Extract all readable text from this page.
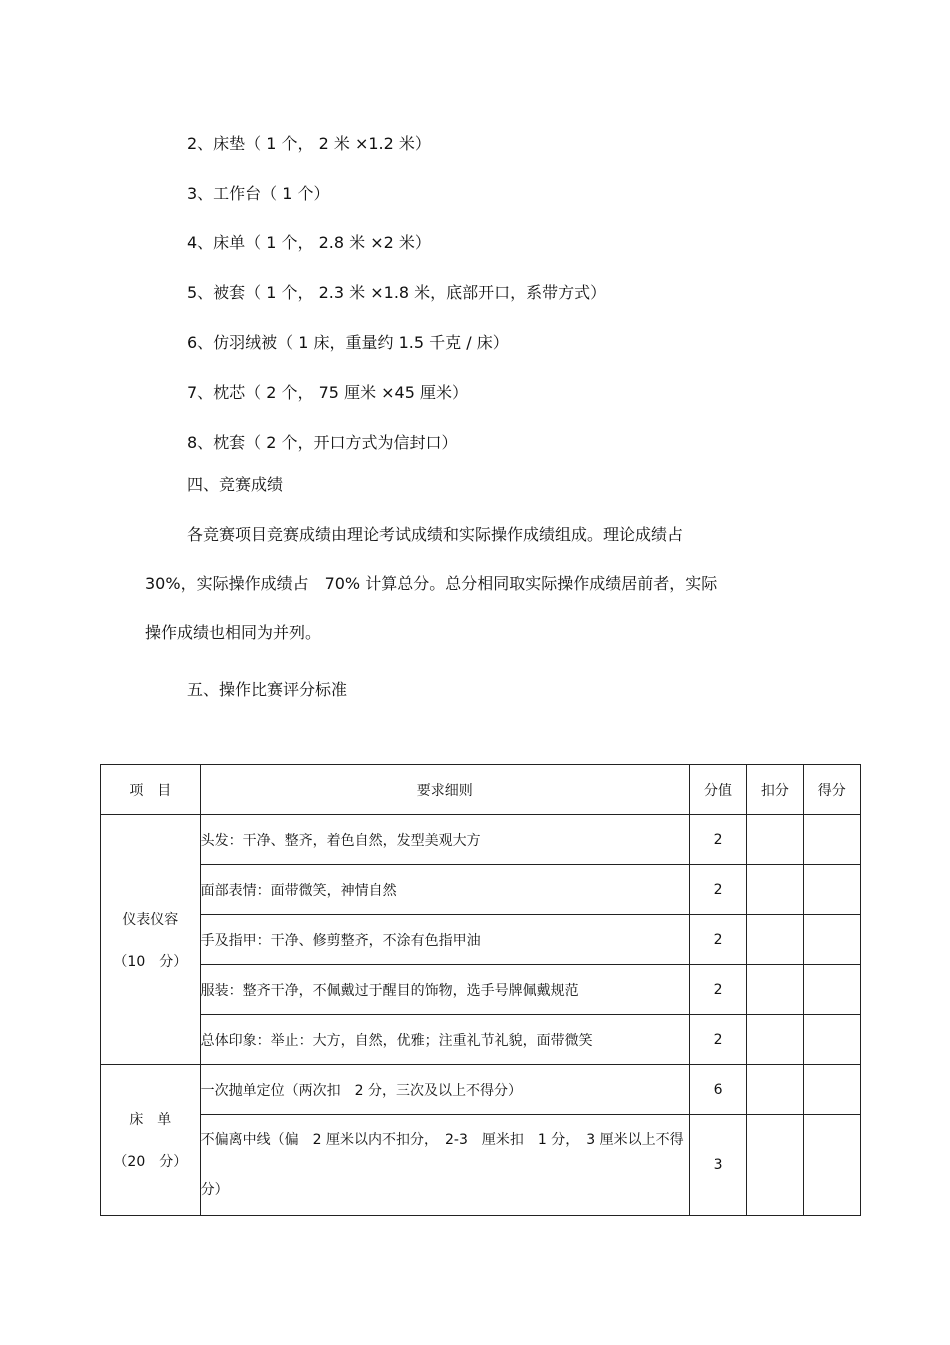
2、床垫（ 1 个， 2 米 ×1.2 米）
3、工作台（ 1 个）
4、床单（ 1 个， 2.8 米 ×2 米）
5、被套（ 1 个， 2.3 米 ×1.8 米，底部开口，系带方式）
6、仿羽绒被（ 1 床，重量约 1.5 千克 / 床）
7、枕芯（ 2 个， 75 厘米 ×45 厘米）
8、枕套（ 2 个，开口方式为信封口）
四、竞赛成绩
各竞赛项目竞赛成绩由理论考试成绩和实际操作成绩组成。理论成绩占
30%，实际操作成绩占　70% 计算总分。总分相同取实际操作成绩居前者，实际
操作成绩也相同为并列。
五、操作比赛评分标准
项　目	要求细则	分值	扣分	得分

仪表仪容
（10　分）	头发：干净、整齐，着色自然，发型美观大方	2		
	面部表情：面带微笑，神情自然	2		
	手及指甲：干净、修剪整齐，不涂有色指甲油	2		
	服装：整齐干净，不佩戴过于醒目的饰物，选手号牌佩戴规范	2		
	总体印象：举止：大方，自然，优雅；注重礼节礼貌，面带微笑	2		

床　单
（20　分）	一次抛单定位（两次扣　2 分，三次及以上不得分）	6		
	不偏离中线（偏　2 厘米以内不扣分，　2-3　厘米扣　1 分，　3 厘米以上不得分）	3		
